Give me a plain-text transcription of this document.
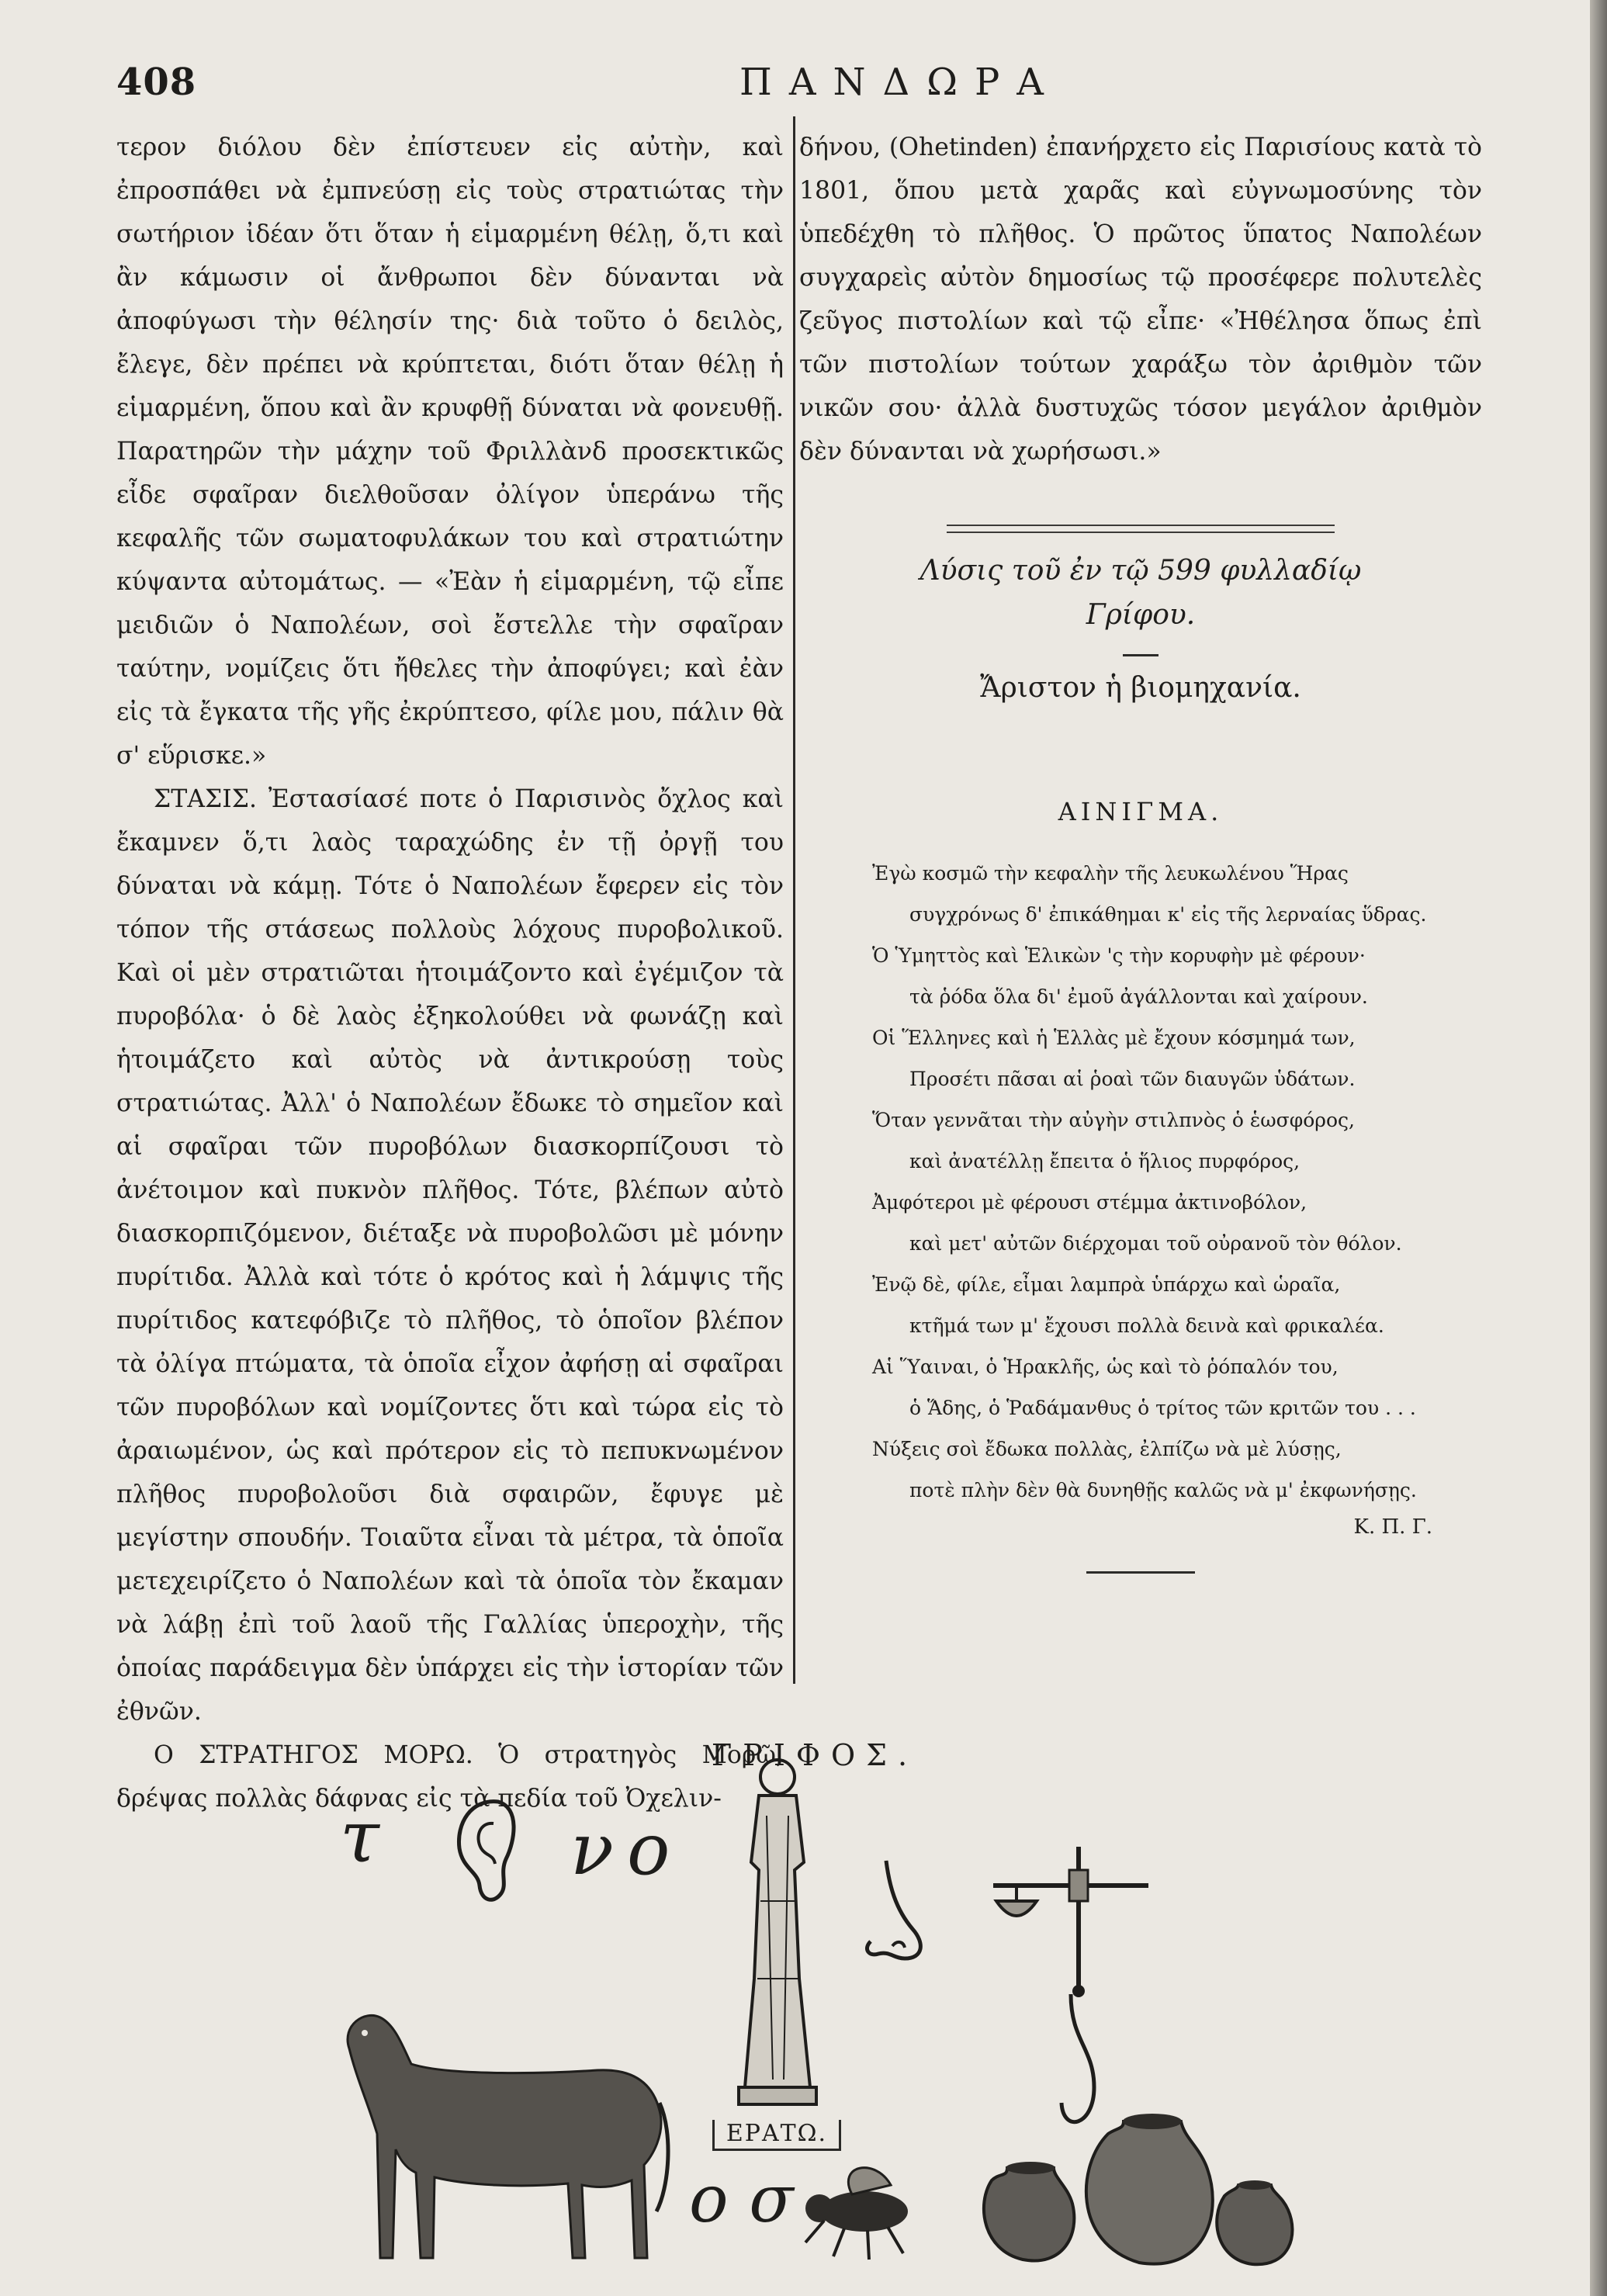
408	ΠΑΝΔΩΡΑ

τερον διόλου δὲν ἐπίστευεν εἰς αὐτὴν, καὶ ἐπροσπάθει νὰ ἐμπνεύσῃ εἰς τοὺς στρατιώτας τὴν σωτήριον ἰδέαν ὅτι ὅταν ἡ εἱμαρμένη θέλῃ, ὅ,τι καὶ ἂν κάμωσιν οἱ ἄνθρωποι δὲν δύνανται νὰ ἀποφύγωσι τὴν θέλησίν της· διὰ τοῦτο ὁ δειλὸς, ἔλεγε, δὲν πρέπει νὰ κρύπτεται, διότι ὅταν θέλῃ ἡ εἱμαρμένη, ὅπου καὶ ἂν κρυφθῇ δύναται νὰ φονευθῇ. Παρατηρῶν τὴν μάχην τοῦ Φριλλὰνδ προσεκτικῶς εἶδε σφαῖραν διελθοῦσαν ὀλίγον ὑπεράνω τῆς κεφαλῆς τῶν σωματοφυλάκων του καὶ στρατιώτην κύψαντα αὐτομάτως. — «Ἐὰν ἡ εἱμαρμένη, τῷ εἶπε μειδιῶν ὁ Ναπολέων, σοὶ ἔστελλε τὴν σφαῖραν ταύτην, νομίζεις ὅτι ἤθελες τὴν ἀποφύγει; καὶ ἐὰν εἰς τὰ ἔγκατα τῆς γῆς ἐκρύπτεσο, φίλε μου, πάλιν θὰ σ' εὕρισκε.»

ΣΤΑΣΙΣ. Ἐστασίασέ ποτε ὁ Παρισινὸς ὄχλος καὶ ἔκαμνεν ὅ,τι λαὸς ταραχώδης ἐν τῇ ὀργῇ του δύναται νὰ κάμῃ. Τότε ὁ Ναπολέων ἔφερεν εἰς τὸν τόπον τῆς στάσεως πολλοὺς λόχους πυροβολικοῦ. Καὶ οἱ μὲν στρατιῶται ἡτοιμάζοντο καὶ ἐγέμιζον τὰ πυροβόλα· ὁ δὲ λαὸς ἐξηκολούθει νὰ φωνάζῃ καὶ ἡτοιμάζετο καὶ αὐτὸς νὰ ἀντικρούσῃ τοὺς στρατιώτας. Ἀλλ' ὁ Ναπολέων ἔδωκε τὸ σημεῖον καὶ αἱ σφαῖραι τῶν πυροβόλων διασκορπίζουσι τὸ ἀνέτοιμον καὶ πυκνὸν πλῆθος. Τότε, βλέπων αὐτὸ διασκορπιζόμενον, διέταξε νὰ πυροβολῶσι μὲ μόνην πυρίτιδα. Ἀλλὰ καὶ τότε ὁ κρότος καὶ ἡ λάμψις τῆς πυρίτιδος κατεφόβιζε τὸ πλῆθος, τὸ ὁποῖον βλέπον τὰ ὀλίγα πτώματα, τὰ ὁποῖα εἶχον ἀφήσῃ αἱ σφαῖραι τῶν πυροβόλων καὶ νομίζοντες ὅτι καὶ τώρα εἰς τὸ ἀραιωμένον, ὡς καὶ πρότερον εἰς τὸ πεπυκνωμένον πλῆθος πυροβολοῦσι διὰ σφαιρῶν, ἔφυγε μὲ μεγίστην σπουδήν. Τοιαῦτα εἶναι τὰ μέτρα, τὰ ὁποῖα μετεχειρίζετο ὁ Ναπολέων καὶ τὰ ὁποῖα τὸν ἔκαμαν νὰ λάβῃ ἐπὶ τοῦ λαοῦ τῆς Γαλλίας ὑπεροχὴν, τῆς ὁποίας παράδειγμα δὲν ὑπάρχει εἰς τὴν ἱστορίαν τῶν ἐθνῶν.

Ο ΣΤΡΑΤΗΓΟΣ ΜΟΡΩ. Ὁ στρατηγὸς Μορῶ, δρέψας πολλὰς δάφνας εἰς τὰ πεδία τοῦ Ὀχελιν-

δήνου, (Ohetinden) ἐπανήρχετο εἰς Παρισίους κατὰ τὸ 1801, ὅπου μετὰ χαρᾶς καὶ εὐγνωμοσύνης τὸν ὑπεδέχθη τὸ πλῆθος. Ὁ πρῶτος ὕπατος Ναπολέων συγχαρεὶς αὐτὸν δημοσίως τῷ προσέφερε πολυτελὲς ζεῦγος πιστολίων καὶ τῷ εἶπε· «Ἠθέλησα ὅπως ἐπὶ τῶν πιστολίων τούτων χαράξω τὸν ἀριθμὸν τῶν νικῶν σου· ἀλλὰ δυστυχῶς τόσον μεγάλον ἀριθμὸν δὲν δύνανται νὰ χωρήσωσι.»

Λύσις τοῦ ἐν τῷ 599 φυλλαδίῳ
Γρίφου.
Ἄριστον ἡ βιομηχανία.
ΑΙΝΙΓΜΑ.
Ἐγὼ κοσμῶ τὴν κεφαλὴν τῆς λευκωλένου Ἥρας
συγχρόνως δ' ἐπικάθημαι κ' εἰς τῆς λερναίας ὕδρας.
Ὁ Ὑμηττὸς καὶ Ἑλικὼν 'ς τὴν κορυφὴν μὲ φέρουν·
τὰ ῥόδα ὅλα δι' ἐμοῦ ἀγάλλονται καὶ χαίρουν.
Οἱ Ἕλληνες καὶ ἡ Ἑλλὰς μὲ ἔχουν κόσμημά των,
Προσέτι πᾶσαι αἱ ῥοαὶ τῶν διαυγῶν ὑδάτων.
Ὅταν γεννᾶται τὴν αὐγὴν στιλπνὸς ὁ ἑωσφόρος,
καὶ ἀνατέλλῃ ἔπειτα ὁ ἥλιος πυρφόρος,
Ἀμφότεροι μὲ φέρουσι στέμμα ἀκτινοβόλον,
καὶ μετ' αὐτῶν διέρχομαι τοῦ οὐρανοῦ τὸν θόλον.
Ἐνῷ δὲ, φίλε, εἶμαι λαμπρὰ ὑπάρχω καὶ ὡραῖα,
κτῆμά των μ' ἔχουσι πολλὰ δεινὰ καὶ φρικαλέα.
Αἱ Ὕαιναι, ὁ Ἡρακλῆς, ὡς καὶ τὸ ῥόπαλόν του,
ὁ Ἅδης, ὁ Ῥαδάμανθυς ὁ τρίτος τῶν κριτῶν του . . .
Νύξεις σοὶ ἔδωκα πολλὰς, ἐλπίζω νὰ μὲ λύσῃς,
ποτὲ πλὴν δὲν θὰ δυνηθῇς καλῶς νὰ μ' ἐκφωνήσῃς.
Κ. Π. Γ.
ΓΡΙΦΟΣ.
τ	ν ο
ΕΡΑΤΩ.
ο σ
